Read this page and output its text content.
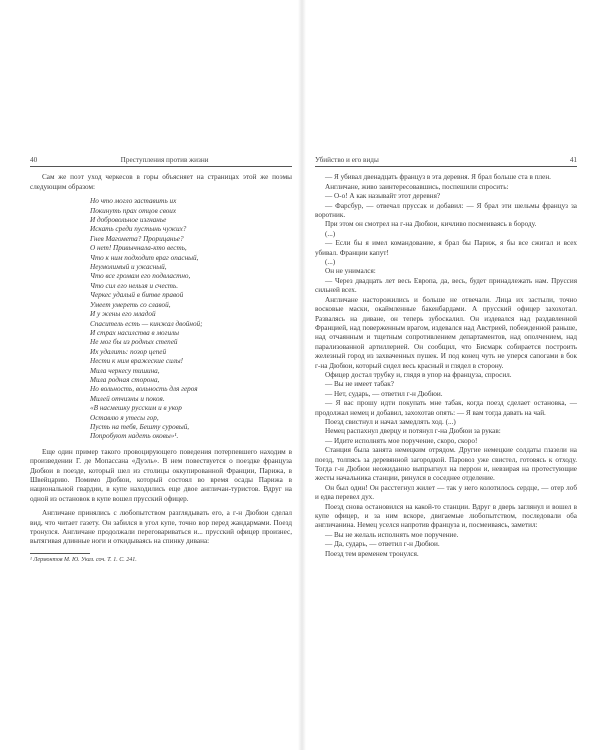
40	Преступления против жизни

Сам же поэт уход черкесов в горы объясняет на страницах этой же поэмы следующим образом:

Но что могло заставить их
Покинуть прах отцов своих
И добровольное изгнанье
Искать среди пустынь чужих?
Гнев Магомета? Прорицанье?
О нет! Привычнала-кто весть,
Что к ним подходит враг опасный,
Неумолимый и ужасный,
Что все громам его подвластно,
Что сил его нельзя и счесть.
Черкес удалый в битве правой
Умеет умереть со славой,
И у жены его младой
Спаситель есть — кинжал двойной;
И страх насилства в могилы
Не мог бы из родных степей
Их удалить: позор цепей
Нести к ним вражеские силы!
Мила черкесу тишина,
Мила родная сторона,
Но вольность, вольность для героя
Милей отчизны и покоя.
«В насмешку русским и в укор
Оставлю я утесы гор,
Пусть на тебя, Бешту суровый,
Попробуют надеть оковы»¹.

Еще один пример такого провоцирующего поведения потерпевшего находим в произведении Г. де Мопассана «Дуэль». В нем повествуется о поездке француза Дюбюи в поезде, который шел из столицы оккупированной Франции, Парижа, в Швейцарию. Помимо Дюбюи, который состоял во время осады Парижа в национальной гвардии, в купе находились еще двое англичан-туристов. Вдруг на одной из остановок в купе вошел прусский офицер.

Англичане принялись с любопытством разглядывать его, а г-н Дюбюи сделал вид, что читает газету. Он забился в угол купе, точно вор перед жандармами. Поезд тронулся. Англичане продолжали переговариваться и... прусский офицер произнес, вытягивая длинные ноги и откидываясь на спинку дивана:

¹ Лермонтов М. Ю. Указ. соч. Т. 1. С. 241.

Убийство и его виды	41

— Я убивал двенадцать француз в эта деревня. Я брал больше ста в плен.

Англичане, живо заинтересовавшись, поспешили спросить:

— О-о! А как называйт этот деревня?

— Фарсбур, — отвечал пруссак и добавил: — Я брал эти шельмы француз за воротник.

При этом он смотрел на г-на Дюбюи, кичливо посмеиваясь в бороду.

(...)

— Если бы я имел командование, я брал бы Париж, я бы все сжигал и всех убивал. Франции капут!

(...)

Он не унимался:

— Через двадцать лет весь Европа, да, весь, будет принадлежать нам. Пруссия сильней всех.

Англичане насторожились и больше не отвечали. Лица их застыли, точно восковые маски, окаймленные бакенбардами. А прусский офицер захохотал. Развалясь на диване, он теперь зубоскалил. Он издевался над раздавленной Францией, над поверженным врагом, издевался над Австрией, побежденной раньше, над отчаянным и тщетным сопротивлением департаментов, над ополчением, над парализованной артиллерией. Он сообщил, что Бисмарк собирается построить железный город из захваченных пушек. И под конец чуть не уперся сапогами в бок г-на Дюбюи, который сидел весь красный и глядел в сторону.

Офицер достал трубку и, глядя в упор на француза, спросил.

— Вы не имеет табак?

— Нет, сударь, — ответил г-н Дюбюи.

— Я вас прошу идти покупать мне табак, когда поезд сделает остановка, — продолжал немец и добавил, захохотав опять: — Я вам тогда давать на чай.

Поезд свистнул и начал замедлять ход. (...)

Немец распахнул дверцу и потянул г-на Дюбюи за рукав:

— Идите исполнять мое поручение, скоро, скоро!

Станция была занята немецким отрядом. Другие немецкие солдаты глазели на поезд, толпясь за деревянной загородкой. Паровоз уже свистел, готовясь к отходу. Тогда г-н Дюбюи неожиданно выпрыгнул на перрон и, невзирая на протестующие жесты начальника станции, ринулся в соседнее отделение.

Он был один! Он расстегнул жилет — так у него колотилось сердце, — отер лоб и едва перевел дух.

Поезд снова остановился на какой-то станции. Вдруг в дверь заглянул и вошел в купе офицер, и за ним вскоре, двигаемые любопытством, последовали оба англичанина. Немец уселся напротив француза и, посмеиваясь, заметил:

— Вы не желаль исполнять мое поручение.

— Да, сударь, — ответил г-н Дюбюи.

Поезд тем временем тронулся.
